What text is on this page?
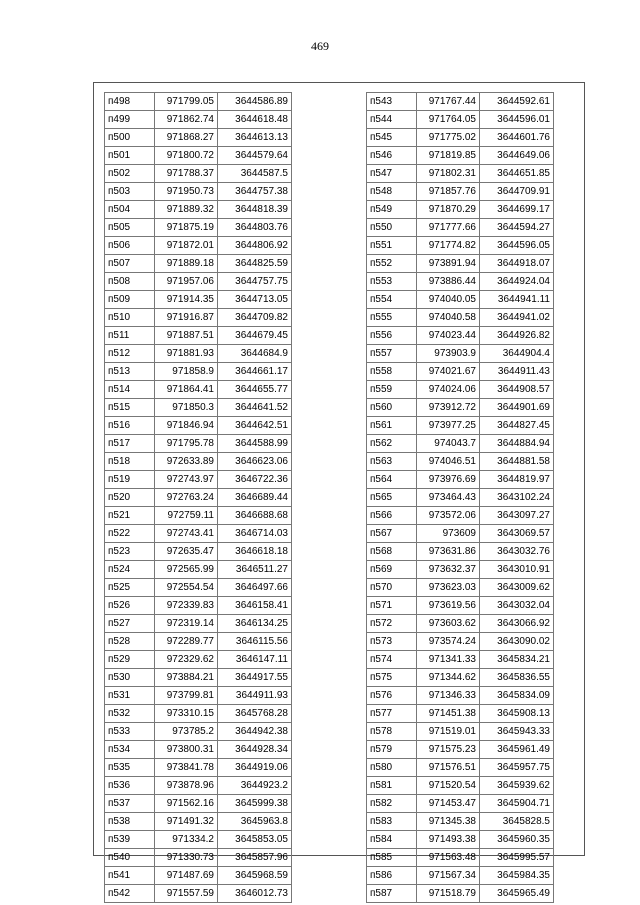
469
п498	971799.05	3644586.89
п499	971862.74	3644618.48
п500	971868.27	3644613.13
п501	971800.72	3644579.64
п502	971788.37	3644587.5
п503	971950.73	3644757.38
п504	971889.32	3644818.39
п505	971875.19	3644803.76
п506	971872.01	3644806.92
п507	971889.18	3644825.59
п508	971957.06	3644757.75
п509	971914.35	3644713.05
п510	971916.87	3644709.82
п511	971887.51	3644679.45
п512	971881.93	3644684.9
п513	971858.9	3644661.17
п514	971864.41	3644655.77
п515	971850.3	3644641.52
п516	971846.94	3644642.51
п517	971795.78	3644588.99
п518	972633.89	3646623.06
п519	972743.97	3646722.36
п520	972763.24	3646689.44
п521	972759.11	3646688.68
п522	972743.41	3646714.03
п523	972635.47	3646618.18
п524	972565.99	3646511.27
п525	972554.54	3646497.66
п526	972339.83	3646158.41
п527	972319.14	3646134.25
п528	972289.77	3646115.56
п529	972329.62	3646147.11
п530	973884.21	3644917.55
п531	973799.81	3644911.93
п532	973310.15	3645768.28
п533	973785.2	3644942.38
п534	973800.31	3644928.34
п535	973841.78	3644919.06
п536	973878.96	3644923.2
п537	971562.16	3645999.38
п538	971491.32	3645963.8
п539	971334.2	3645853.05
п540	971330.73	3645857.96
п541	971487.69	3645968.59
п542	971557.59	3646012.73
п543	971767.44	3644592.61
п544	971764.05	3644596.01
п545	971775.02	3644601.76
п546	971819.85	3644649.06
п547	971802.31	3644651.85
п548	971857.76	3644709.91
п549	971870.29	3644699.17
п550	971777.66	3644594.27
п551	971774.82	3644596.05
п552	973891.94	3644918.07
п553	973886.44	3644924.04
п554	974040.05	3644941.11
п555	974040.58	3644941.02
п556	974023.44	3644926.82
п557	973903.9	3644904.4
п558	974021.67	3644911.43
п559	974024.06	3644908.57
п560	973912.72	3644901.69
п561	973977.25	3644827.45
п562	974043.7	3644884.94
п563	974046.51	3644881.58
п564	973976.69	3644819.97
п565	973464.43	3643102.24
п566	973572.06	3643097.27
п567	973609	3643069.57
п568	973631.86	3643032.76
п569	973632.37	3643010.91
п570	973623.03	3643009.62
п571	973619.56	3643032.04
п572	973603.62	3643066.92
п573	973574.24	3643090.02
п574	971341.33	3645834.21
п575	971344.62	3645836.55
п576	971346.33	3645834.09
п577	971451.38	3645908.13
п578	971519.01	3645943.33
п579	971575.23	3645961.49
п580	971576.51	3645957.75
п581	971520.54	3645939.62
п582	971453.47	3645904.71
п583	971345.38	3645828.5
п584	971493.38	3645960.35
п585	971563.48	3645995.57
п586	971567.34	3645984.35
п587	971518.79	3645965.49
